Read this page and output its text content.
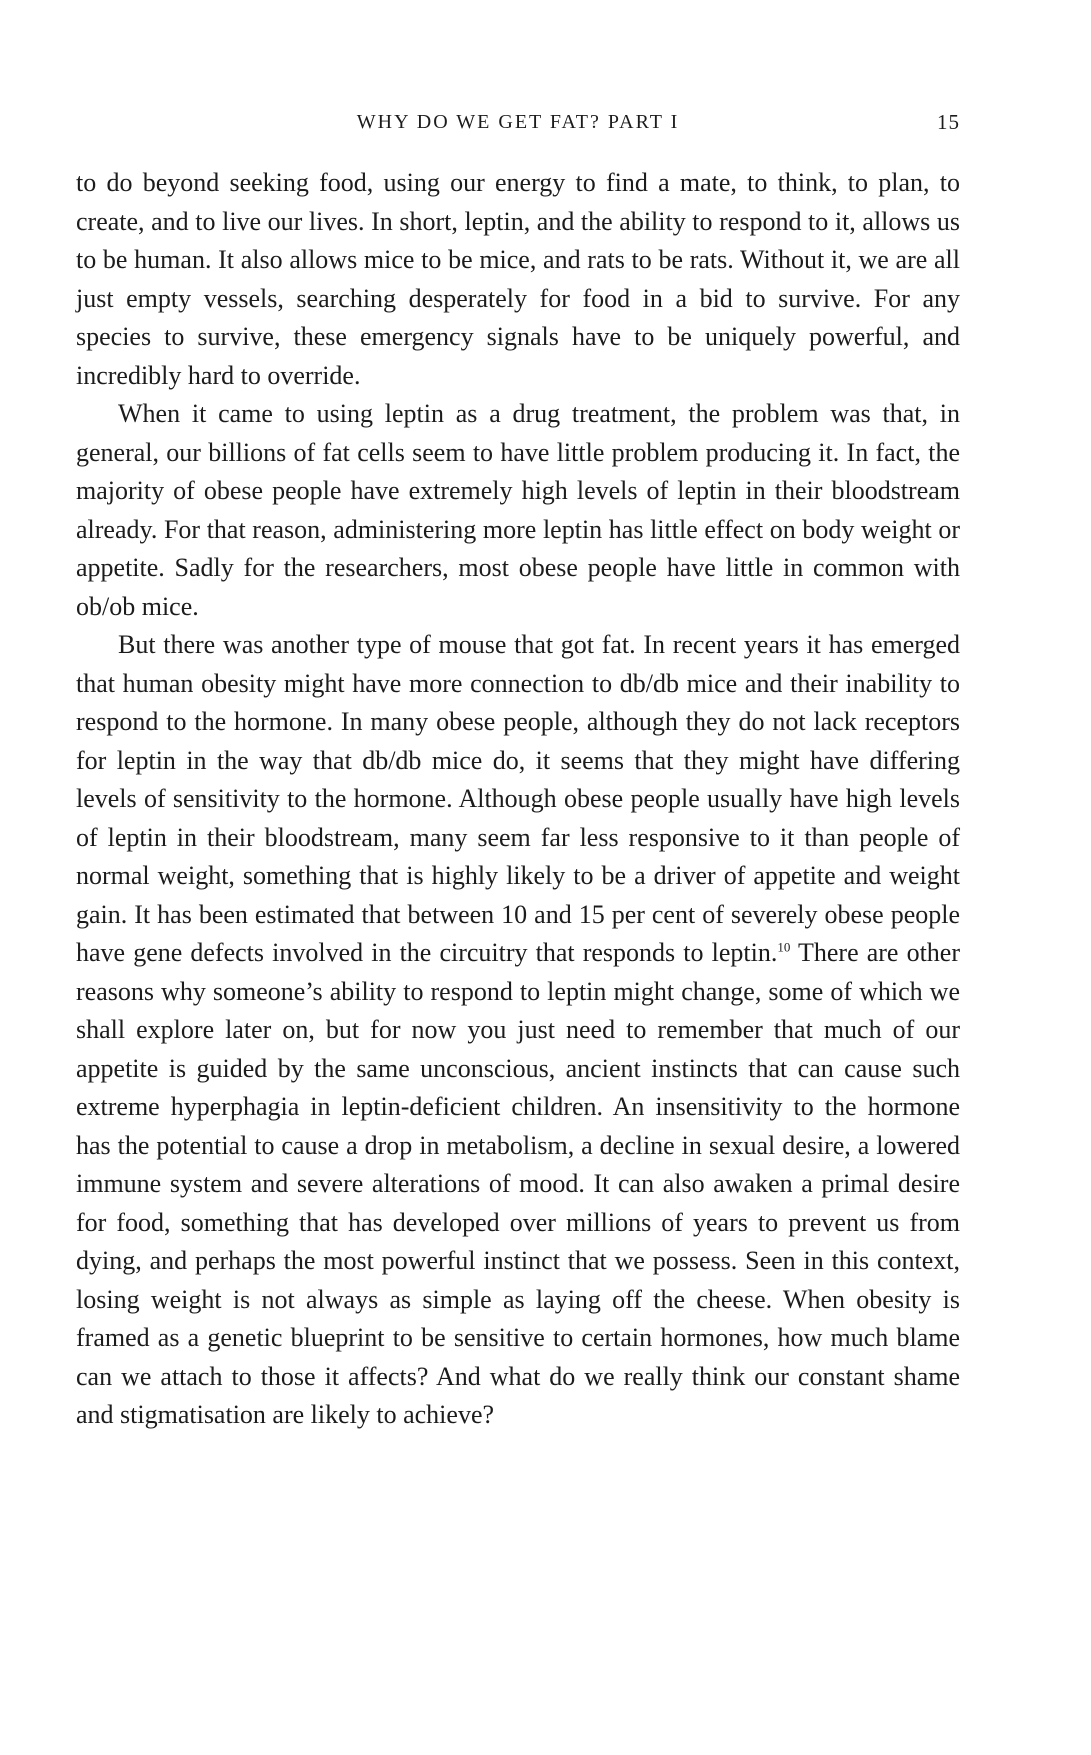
WHY DO WE GET FAT? PART I	15

to do beyond seeking food, using our energy to find a mate, to think, to plan, to create, and to live our lives. In short, leptin, and the ability to respond to it, allows us to be human. It also allows mice to be mice, and rats to be rats. Without it, we are all just empty vessels, searching desperately for food in a bid to survive. For any species to survive, these emergency signals have to be uniquely powerful, and incredibly hard to override.

When it came to using leptin as a drug treatment, the problem was that, in general, our billions of fat cells seem to have little problem producing it. In fact, the majority of obese people have extremely high levels of leptin in their bloodstream already. For that reason, administering more leptin has little effect on body weight or appetite. Sadly for the researchers, most obese people have little in common with ob/ob mice.

But there was another type of mouse that got fat. In recent years it has emerged that human obesity might have more connection to db/db mice and their inability to respond to the hormone. In many obese people, although they do not lack receptors for leptin in the way that db/db mice do, it seems that they might have differing levels of sensitivity to the hormone. Although obese people usually have high levels of leptin in their bloodstream, many seem far less responsive to it than people of normal weight, something that is highly likely to be a driver of appetite and weight gain. It has been estimated that between 10 and 15 per cent of severely obese people have gene defects involved in the circuitry that responds to leptin.$^{10}$ There are other reasons why someone’s ability to respond to leptin might change, some of which we shall explore later on, but for now you just need to remember that much of our appetite is guided by the same unconscious, ancient instincts that can cause such extreme hyperphagia in leptin-deficient children. An insensitivity to the hormone has the potential to cause a drop in metabolism, a decline in sexual desire, a lowered immune system and severe alterations of mood. It can also awaken a primal desire for food, something that has developed over millions of years to prevent us from dying, and perhaps the most powerful instinct that we possess. Seen in this context, losing weight is not always as simple as laying off the cheese. When obesity is framed as a genetic blueprint to be sensitive to certain hormones, how much blame can we attach to those it affects? And what do we really think our constant shame and stigmatisation are likely to achieve?
